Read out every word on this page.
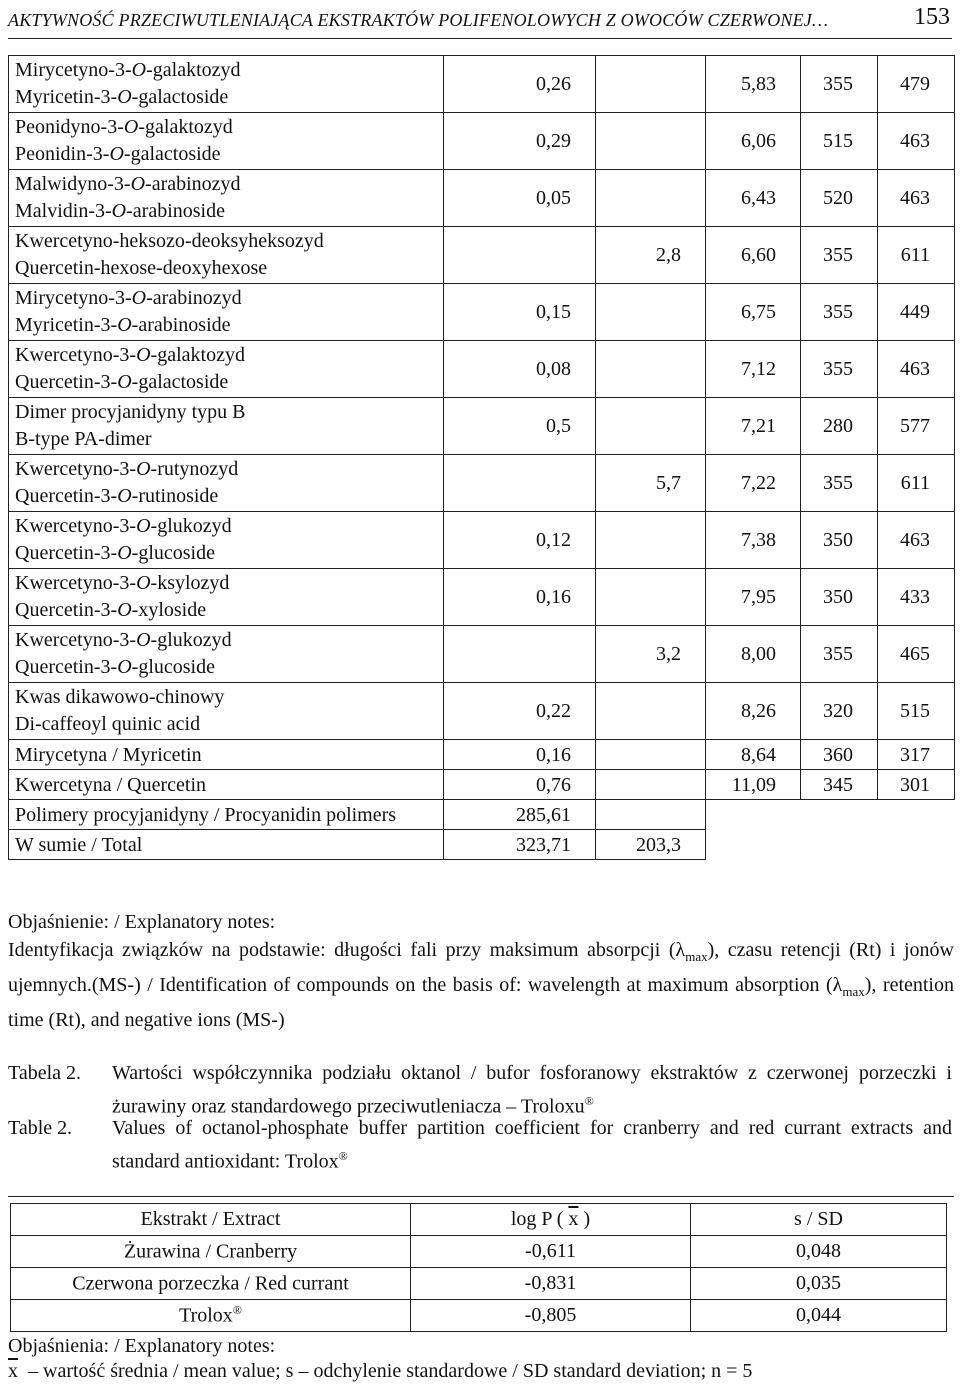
AKTYWNOŚĆ PRZECIWUTLENIAJĄCA EKSTRAKTÓW POLIFENOLOWYCH Z OWOCÓW CZERWONEJ…	153
Mirycetyno-3-O-galaktozyd
Myricetin-3-O-galactoside	0,26		5,83	355	479

Peonidyno-3-O-galaktozyd
Peonidin-3-O-galactoside	0,29		6,06	515	463

Malwidyno-3-O-arabinozyd
Malvidin-3-O-arabinoside	0,05		6,43	520	463

Kwercetyno-heksozo-deoksyheksozyd
Quercetin-hexose-deoxyhexose		2,8	6,60	355	611

Mirycetyno-3-O-arabinozyd
Myricetin-3-O-arabinoside	0,15		6,75	355	449

Kwercetyno-3-O-galaktozyd
Quercetin-3-O-galactoside	0,08		7,12	355	463

Dimer procyjanidyny typu B
B-type PA-dimer	0,5		7,21	280	577

Kwercetyno-3-O-rutynozyd
Quercetin-3-O-rutinoside		5,7	7,22	355	611

Kwercetyno-3-O-glukozyd
Quercetin-3-O-glucoside	0,12		7,38	350	463

Kwercetyno-3-O-ksylozyd
Quercetin-3-O-xyloside	0,16		7,95	350	433

Kwercetyno-3-O-glukozyd
Quercetin-3-O-glucoside		3,2	8,00	355	465

Kwas dikawowo-chinowy
Di-caffeoyl quinic acid	0,22		8,26	320	515
Mirycetyna / Myricetin	0,16		8,64	360	317
Kwercetyna / Quercetin	0,76		11,09	345	301
Polimery procyjanidyny / Procyanidin polimers	285,61				
W sumie / Total	323,71	203,3			
Objaśnienie: / Explanatory notes:
Identyfikacja związków na podstawie: długości fali przy maksimum absorpcji $(\lambda_{max})$, czasu retencji (Rt) i jonów ujemnych.(MS-) / Identification of compounds on the basis of: wavelength at maximum absorption $(\lambda_{max})$, retention time (Rt), and negative ions (MS-)
Tabela 2. Wartości współczynnika podziału oktanol / bufor fosforanowy ekstraktów z czerwonej porzeczki i żurawiny oraz standardowego przeciwutleniacza – Troloxu®
Table 2. Values of octanol-phosphate buffer partition coefficient for cranberry and red currant extracts and standard antioxidant: Trolox®
Ekstrakt / Extract	log P ( $\overline{x}$ )	s / SD
Żurawina / Cranberry	-0,611	0,048
Czerwona porzeczka / Red currant	-0,831	0,035
Trolox®	-0,805	0,044
Objaśnienia: / Explanatory notes:
$\overline{x}$ – wartość średnia / mean value; s – odchylenie standardowe / SD standard deviation; n = 5
